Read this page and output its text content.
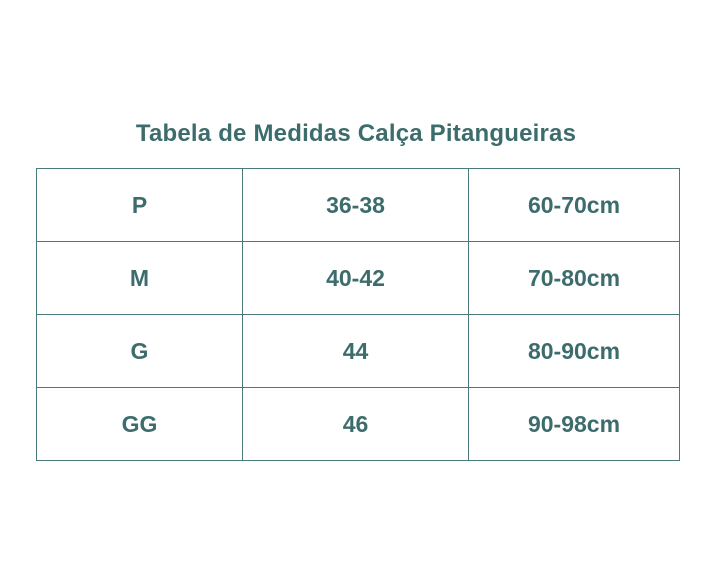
Tabela de Medidas Calça Pitangueiras
P	36-38	60-70cm
M	40-42	70-80cm
G	44	80-90cm
GG	46	90-98cm
